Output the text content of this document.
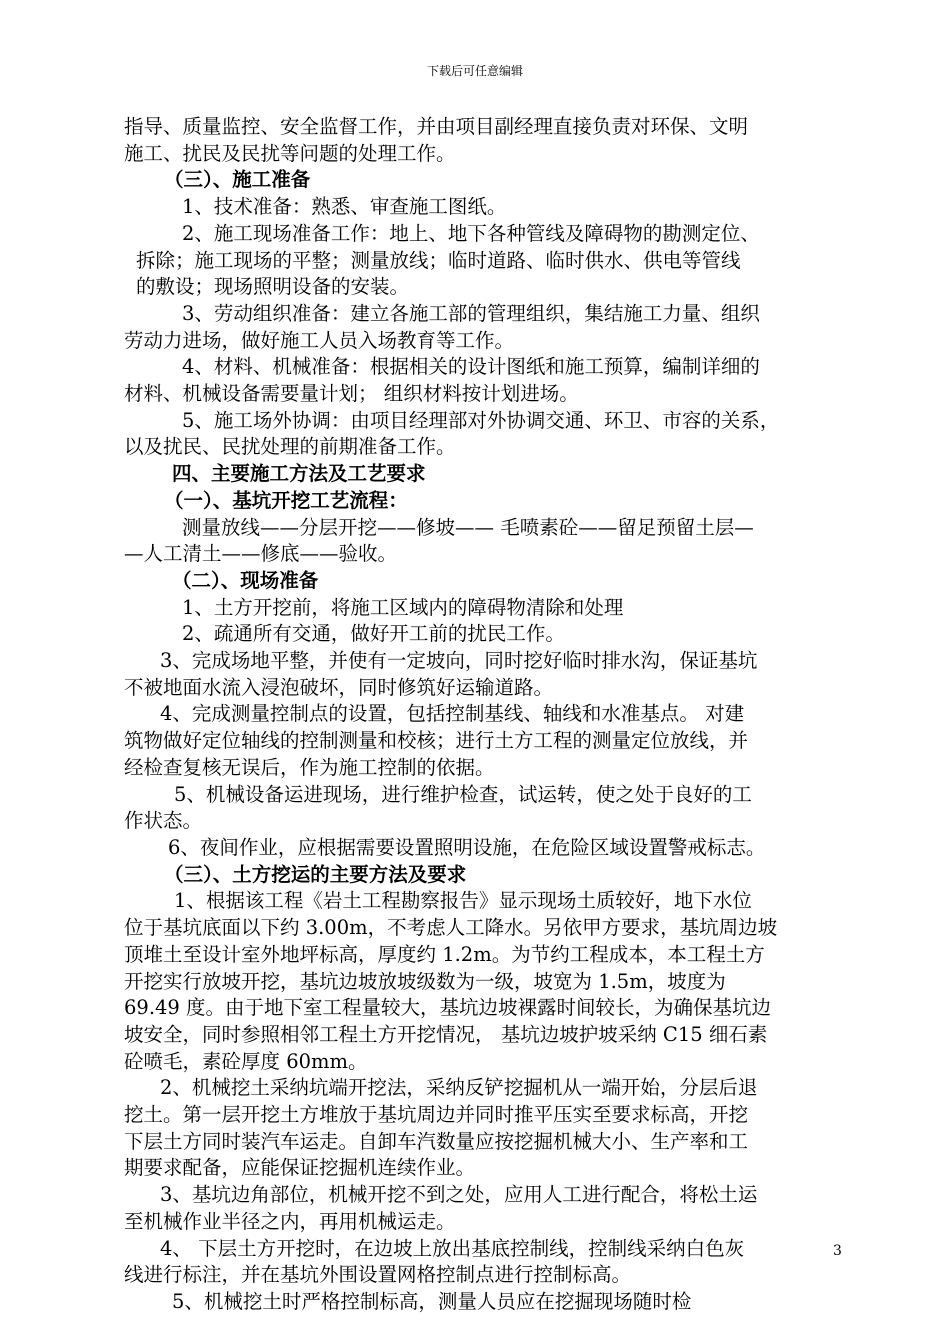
下载后可任意编辑
指导、质量监控、安全监督工作，并由项目副经理直接负责对环保、文明
施工、扰民及民扰等问题的处理工作。
（三）、施工准备
1、技术准备：熟悉、审查施工图纸。
2、施工现场准备工作：地上、地下各种管线及障碍物的勘测定位、
拆除；施工现场的平整；测量放线；临时道路、临时供水、供电等管线
的敷设；现场照明设备的安装。
3、劳动组织准备：建立各施工部的管理组织，集结施工力量、组织
劳动力进场，做好施工人员入场教育等工作。
4、材料、机械准备：根据相关的设计图纸和施工预算，编制详细的
材料、机械设备需要量计划； 组织材料按计划进场。
5、施工场外协调：由项目经理部对外协调交通、环卫、市容的关系，
以及扰民、民扰处理的前期准备工作。
四、主要施工方法及工艺要求
（一）、基坑开挖工艺流程：
测量放线——分层开挖——修坡—— 毛喷素砼——留足预留土层—
—人工清土——修底——验收。
（二）、现场准备
1、土方开挖前，将施工区域内的障碍物清除和处理
2、疏通所有交通，做好开工前的扰民工作。
3、完成场地平整，并使有一定坡向，同时挖好临时排水沟，保证基坑
不被地面水流入浸泡破坏，同时修筑好运输道路。
4、完成测量控制点的设置，包括控制基线、轴线和水准基点。 对建
筑物做好定位轴线的控制测量和校核；进行土方工程的测量定位放线，并
经检查复核无误后，作为施工控制的依据。
5、机械设备运进现场，进行维护检查，试运转，使之处于良好的工
作状态。
6、夜间作业，应根据需要设置照明设施，在危险区域设置警戒标志。
（三）、土方挖运的主要方法及要求
1、根据该工程《岩土工程勘察报告》显示现场土质较好，地下水位
位于基坑底面以下约 3.00m，不考虑人工降水。另依甲方要求，基坑周边坡
顶堆土至设计室外地坪标高，厚度约 1.2m。为节约工程成本，本工程土方
开挖实行放坡开挖，基坑边坡放坡级数为一级，坡宽为 1.5m，坡度为
69.49 度。由于地下室工程量较大，基坑边坡裸露时间较长，为确保基坑边
坡安全，同时参照相邻工程土方开挖情况， 基坑边坡护坡采纳 C15 细石素
砼喷毛，素砼厚度 60mm。
2、机械挖土采纳坑端开挖法，采纳反铲挖掘机从一端开始，分层后退
挖土。第一层开挖土方堆放于基坑周边并同时推平压实至要求标高，开挖
下层土方同时装汽车运走。自卸车汽数量应按挖掘机械大小、生产率和工
期要求配备，应能保证挖掘机连续作业。
3、基坑边角部位，机械开挖不到之处，应用人工进行配合，将松土运
至机械作业半径之内，再用机械运走。
4、 下层土方开挖时，在边坡上放出基底控制线，控制线采纳白色灰
线进行标注，并在基坑外围设置网格控制点进行控制标高。
5、机械挖土时严格控制标高，测量人员应在挖掘现场随时检
3
